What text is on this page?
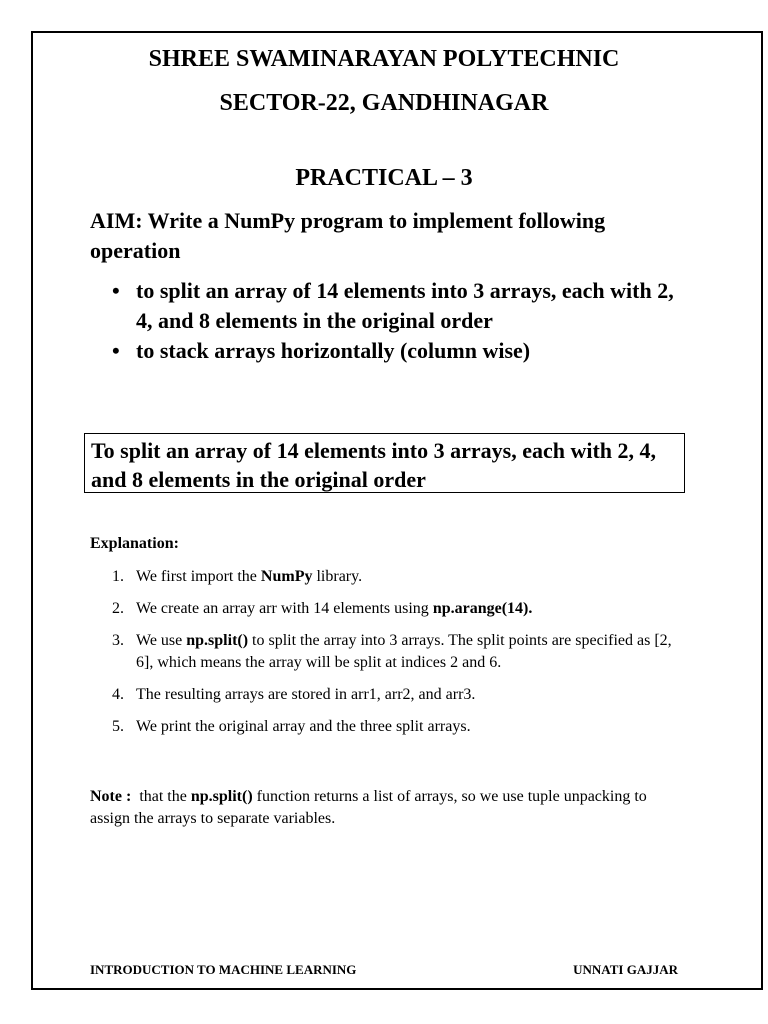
SHREE SWAMINARAYAN POLYTECHNIC
SECTOR-22, GANDHINAGAR
PRACTICAL – 3
AIM: Write a NumPy program to implement following operation
• to split an array of 14 elements into 3 arrays, each with 2, 4, and 8 elements in the original order
• to stack arrays horizontally (column wise)
To split an array of 14 elements into 3 arrays, each with 2, 4, and 8 elements in the original order
Explanation:
1. We first import the NumPy library.
2. We create an array arr with 14 elements using np.arange(14).
3. We use np.split() to split the array into 3 arrays. The split points are specified as [2, 6], which means the array will be split at indices 2 and 6.
4. The resulting arrays are stored in arr1, arr2, and arr3.
5. We print the original array and the three split arrays.
Note :  that the np.split() function returns a list of arrays, so we use tuple unpacking to assign the arrays to separate variables.
INTRODUCTION TO MACHINE LEARNING	UNNATI GAJJAR
